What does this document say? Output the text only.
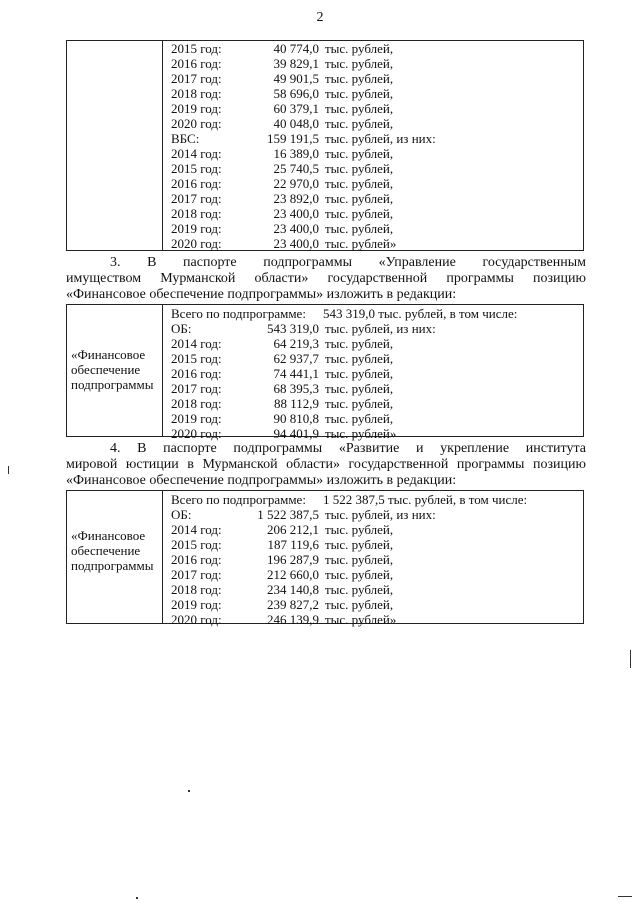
2
2015 год:	40 774,0 тыс. рублей,
2016 год:	39 829,1 тыс. рублей,
2017 год:	49 901,5 тыс. рублей,
2018 год:	58 696,0 тыс. рублей,
2019 год:	60 379,1 тыс. рублей,
2020 год:	40 048,0 тыс. рублей,
ВБС:	159 191,5 тыс. рублей, из них:
2014 год:	16 389,0 тыс. рублей,
2015 год:	25 740,5 тыс. рублей,
2016 год:	22 970,0 тыс. рублей,
2017 год:	23 892,0 тыс. рублей,
2018 год:	23 400,0 тыс. рублей,
2019 год:	23 400,0 тыс. рублей,
2020 год:	23 400,0 тыс. рублей»
3. В паспорте подпрограммы «Управление государственным
имуществом Мурманской области» государственной программы позицию
«Финансовое обеспечение подпрограммы» изложить в редакции:
«Финансовое
обеспечение
подпрограммы
Всего по подпрограмме: 543 319,0 тыс. рублей, в том числе:
ОБ:	543 319,0 тыс. рублей, из них:
2014 год:	64 219,3 тыс. рублей,
2015 год:	62 937,7 тыс. рублей,
2016 год:	74 441,1 тыс. рублей,
2017 год:	68 395,3 тыс. рублей,
2018 год:	88 112,9 тыс. рублей,
2019 год:	90 810,8 тыс. рублей,
2020 год:	94 401,9 тыс. рублей»
4. В паспорте подпрограммы «Развитие и укрепление института
мировой юстиции в Мурманской области» государственной программы позицию
«Финансовое обеспечение подпрограммы» изложить в редакции:
«Финансовое
обеспечение
подпрограммы
Всего по подпрограмме: 1 522 387,5 тыс. рублей, в том числе:
ОБ:	1 522 387,5 тыс. рублей, из них:
2014 год:	206 212,1 тыс. рублей,
2015 год:	187 119,6 тыс. рублей,
2016 год:	196 287,9 тыс. рублей,
2017 год:	212 660,0 тыс. рублей,
2018 год:	234 140,8 тыс. рублей,
2019 год:	239 827,2 тыс. рублей,
2020 год:	246 139,9 тыс. рублей»
